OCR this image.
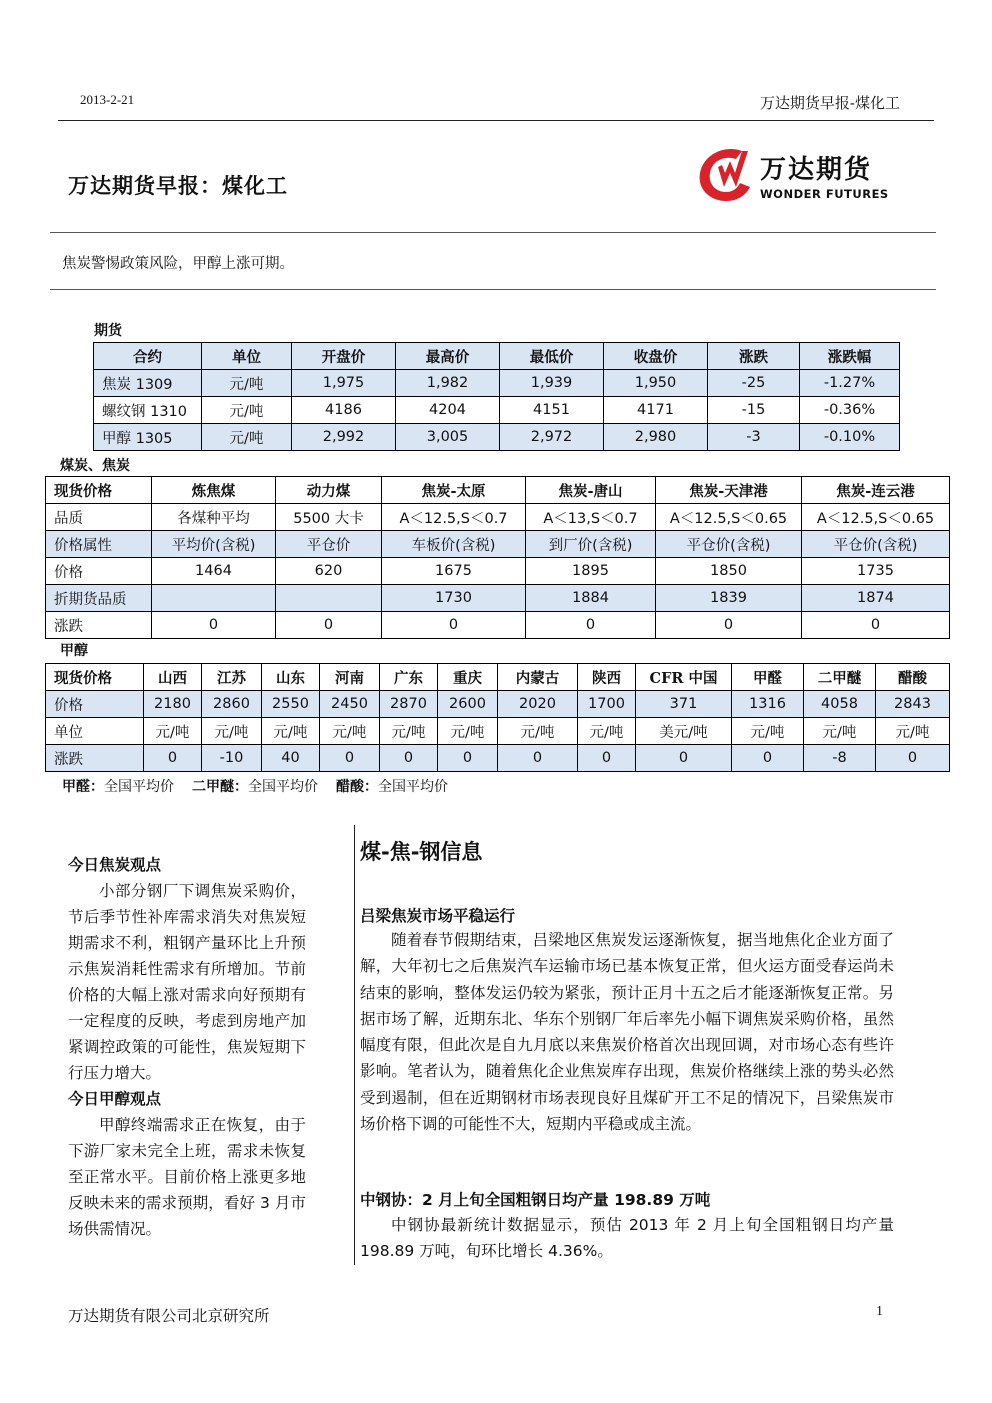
2013-2-21	万达期货早报-煤化工
万达期货早报：煤化工
万达期货
WONDER FUTURES
焦炭警惕政策风险，甲醇上涨可期。
期货
合约	单位	开盘价	最高价	最低价	收盘价	涨跌	涨跌幅
焦炭 1309	元/吨	1,975	1,982	1,939	1,950	-25	-1.27%
螺纹钢 1310	元/吨	4186	4204	4151	4171	-15	-0.36%
甲醇 1305	元/吨	2,992	3,005	2,972	2,980	-3	-0.10%
煤炭、焦炭
现货价格	炼焦煤	动力煤	焦炭-太原	焦炭-唐山	焦炭-天津港	焦炭-连云港
品质	各煤种平均	5500 大卡	A＜12.5,S＜0.7	A＜13,S＜0.7	A＜12.5,S＜0.65	A＜12.5,S＜0.65
价格属性	平均价(含税)	平仓价	车板价(含税)	到厂价(含税)	平仓价(含税)	平仓价(含税)
价格	1464	620	1675	1895	1850	1735
折期货品质			1730	1884	1839	1874
涨跌	0	0	0	0	0	0
甲醇
现货价格	山西	江苏	山东	河南	广东	重庆	内蒙古	陕西	CFR 中国	甲醛	二甲醚	醋酸
价格	2180	2860	2550	2450	2870	2600	2020	1700	371	1316	4058	2843
单位	元/吨	元/吨	元/吨	元/吨	元/吨	元/吨	元/吨	元/吨	美元/吨	元/吨	元/吨	元/吨
涨跌	0	-10	40	0	0	0	0	0	0	0	-8	0
甲醛：全国平均价 二甲醚：全国平均价 醋酸：全国平均价
今日焦炭观点
小部分钢厂下调焦炭采购价，节后季节性补库需求消失对焦炭短期需求不利，粗钢产量环比上升预示焦炭消耗性需求有所增加。节前价格的大幅上涨对需求向好预期有一定程度的反映，考虑到房地产加紧调控政策的可能性，焦炭短期下行压力增大。
今日甲醇观点
甲醇终端需求正在恢复，由于下游厂家未完全上班，需求未恢复至正常水平。目前价格上涨更多地反映未来的需求预期，看好 3 月市场供需情况。
煤-焦-钢信息
吕梁焦炭市场平稳运行
随着春节假期结束，吕梁地区焦炭发运逐渐恢复，据当地焦化企业方面了解，大年初七之后焦炭汽车运输市场已基本恢复正常，但火运方面受春运尚未结束的影响，整体发运仍较为紧张，预计正月十五之后才能逐渐恢复正常。另据市场了解，近期东北、华东个别钢厂年后率先小幅下调焦炭采购价格，虽然幅度有限，但此次是自九月底以来焦炭价格首次出现回调，对市场心态有些许影响。笔者认为，随着焦化企业焦炭库存出现，焦炭价格继续上涨的势头必然受到遏制，但在近期钢材市场表现良好且煤矿开工不足的情况下，吕梁焦炭市场价格下调的可能性不大，短期内平稳或成主流。
中钢协：2 月上旬全国粗钢日均产量 198.89 万吨
中钢协最新统计数据显示，预估 2013 年 2 月上旬全国粗钢日均产量 198.89 万吨，旬环比增长 4.36%。
万达期货有限公司北京研究所	1
